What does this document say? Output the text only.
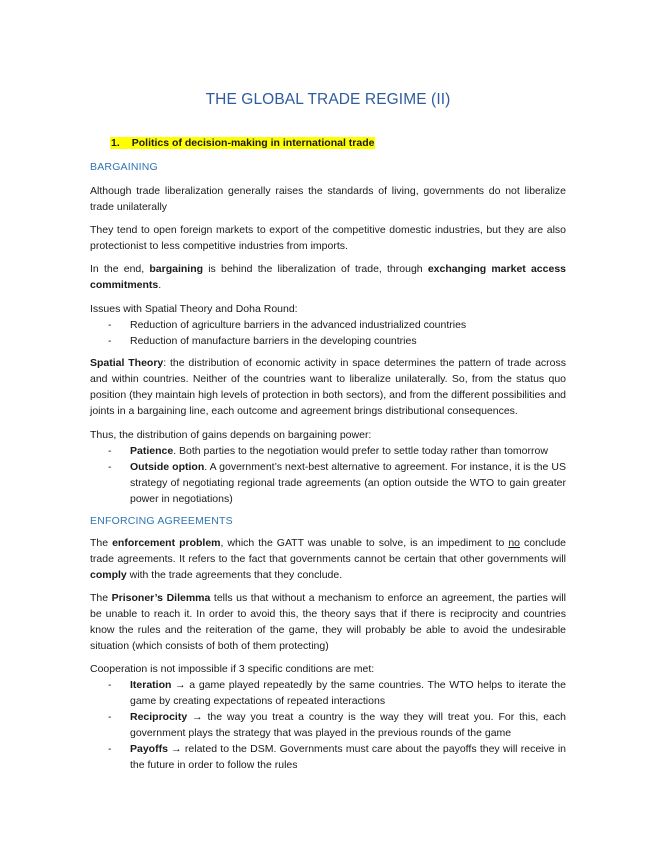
THE GLOBAL TRADE REGIME (II)
1. Politics of decision-making in international trade
BARGAINING
Although trade liberalization generally raises the standards of living, governments do not liberalize trade unilaterally
They tend to open foreign markets to export of the competitive domestic industries, but they are also protectionist to less competitive industries from imports.
In the end, bargaining is behind the liberalization of trade, through exchanging market access commitments.
Issues with Spatial Theory and Doha Round:
- Reduction of agriculture barriers in the advanced industrialized countries
- Reduction of manufacture barriers in the developing countries
Spatial Theory: the distribution of economic activity in space determines the pattern of trade across and within countries. Neither of the countries want to liberalize unilaterally. So, from the status quo position (they maintain high levels of protection in both sectors), and from the different possibilities and joints in a bargaining line, each outcome and agreement brings distributional consequences.
Thus, the distribution of gains depends on bargaining power:
- Patience. Both parties to the negotiation would prefer to settle today rather than tomorrow
- Outside option. A government’s next-best alternative to agreement. For instance, it is the US strategy of negotiating regional trade agreements (an option outside the WTO to gain greater power in negotiations)
ENFORCING AGREEMENTS
The enforcement problem, which the GATT was unable to solve, is an impediment to no conclude trade agreements. It refers to the fact that governments cannot be certain that other governments will comply with the trade agreements that they conclude.
The Prisoner’s Dilemma tells us that without a mechanism to enforce an agreement, the parties will be unable to reach it. In order to avoid this, the theory says that if there is reciprocity and countries know the rules and the reiteration of the game, they will probably be able to avoid the undesirable situation (which consists of both of them protecting)
Cooperation is not impossible if 3 specific conditions are met:
- Iteration → a game played repeatedly by the same countries. The WTO helps to iterate the game by creating expectations of repeated interactions
- Reciprocity → the way you treat a country is the way they will treat you. For this, each government plays the strategy that was played in the previous rounds of the game
- Payoffs → related to the DSM. Governments must care about the payoffs they will receive in the future in order to follow the rules
